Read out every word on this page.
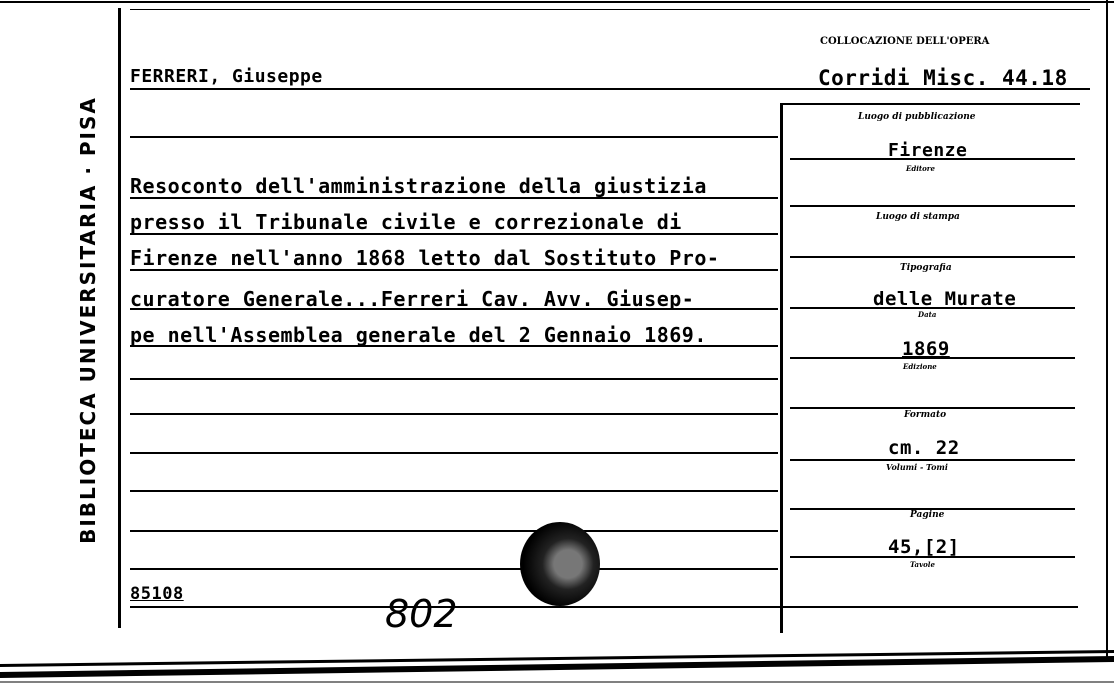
BIBLIOTECA UNIVERSITARIA · PISA
COLLOCAZIONE DELL'OPERA
Corridi Misc. 44.18
FERRERI, Giuseppe
Resoconto dell'amministrazione della giustizia
presso il Tribunale civile e correzionale di
Firenze nell'anno 1868 letto dal Sostituto Pro-
curatore Generale...Ferreri Cav. Avv. Giusep-
pe nell'Assemblea generale del 2 Gennaio 1869.
Luogo di pubblicazione
Firenze
Editore
Luogo di stampa
Tipografia
delle Murate
Data
1869
Edizione
Formato
cm. 22
Volumi - Tomi
Pagine
45,[2]
Tavole
85108	802
